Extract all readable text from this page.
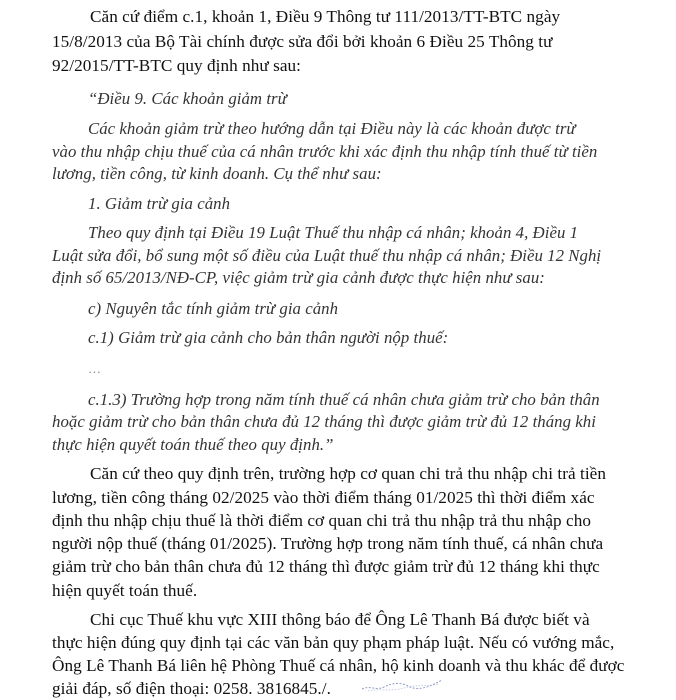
Căn cứ điểm c.1, khoản 1, Điều 9 Thông tư 111/2013/TT-BTC ngày
15/8/2013 của Bộ Tài chính được sửa đổi bởi khoản 6 Điều 25 Thông tư
92/2015/TT-BTC quy định như sau:
“Điều 9. Các khoản giảm trừ
Các khoản giảm trừ theo hướng dẫn tại Điều này là các khoản được trừ
vào thu nhập chịu thuế của cá nhân trước khi xác định thu nhập tính thuế từ tiền
lương, tiền công, từ kinh doanh. Cụ thể như sau:
1. Giảm trừ gia cảnh
Theo quy định tại Điều 19 Luật Thuế thu nhập cá nhân; khoản 4, Điều 1
Luật sửa đổi, bổ sung một số điều của Luật thuế thu nhập cá nhân; Điều 12 Nghị
định số 65/2013/NĐ-CP, việc giảm trừ gia cảnh được thực hiện như sau:
c) Nguyên tắc tính giảm trừ gia cảnh
c.1) Giảm trừ gia cảnh cho bản thân người nộp thuế:
…
c.1.3) Trường hợp trong năm tính thuế cá nhân chưa giảm trừ cho bản thân
hoặc giảm trừ cho bản thân chưa đủ 12 tháng thì được giảm trừ đủ 12 tháng khi
thực hiện quyết toán thuế theo quy định.”
Căn cứ theo quy định trên, trường hợp cơ quan chi trả thu nhập chi trả tiền
lương, tiền công tháng 02/2025 vào thời điểm tháng 01/2025 thì thời điểm xác
định thu nhập chịu thuế là thời điểm cơ quan chi trả thu nhập trả thu nhập cho
người nộp thuế (tháng 01/2025). Trường hợp trong năm tính thuế, cá nhân chưa
giảm trừ cho bản thân chưa đủ 12 tháng thì được giảm trừ đủ 12 tháng khi thực
hiện quyết toán thuế.
Chi cục Thuế khu vực XIII thông báo để Ông Lê Thanh Bá được biết và
thực hiện đúng quy định tại các văn bản quy phạm pháp luật. Nếu có vướng mắc,
Ông Lê Thanh Bá liên hệ Phòng Thuế cá nhân, hộ kinh doanh và thu khác để được
giải đáp, số điện thoại: 0258. 3816845./.
